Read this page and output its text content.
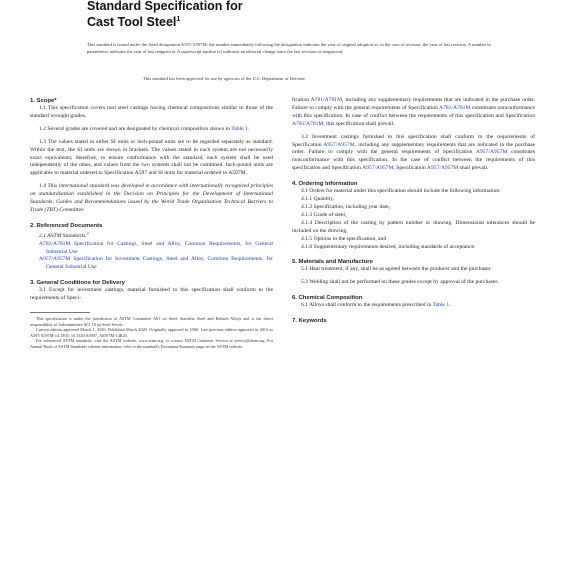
Standard Specification for
Cast Tool Steel$^1$
This standard is issued under the fixed designation A597/A597M; the number immediately following the designation indicates the year of original adoption or, in the case of revision, the year of last revision. A number in parentheses indicates the year of last reapproval. A superscript epsilon (ε) indicates an editorial change since the last revision or reapproval.
This standard has been approved for use by agencies of the U.S. Department of Defense.

1. Scope*

1.1 This specification covers tool steel castings having chemical compositions similar to those of the standard wrought grades.

1.2 Several grades are covered and are designated by chemical composition shown in Table 1.

1.3 The values stated in either SI units or inch-pound units are to be regarded separately as standard. Within the text, the SI units are shown in brackets. The values stated in each system are not necessarily exact equivalents; therefore, to ensure conformance with the standard, each system shall be used independently of the other, and values from the two systems shall not be combined. Inch-pound units are applicable to material ordered to Specification A597 and SI units for material ordered to A597M.

1.4 This international standard was developed in accordance with internationally recognized principles on standardization established in the Decision on Principles for the Development of International Standards, Guides and Recommendations issued by the World Trade Organization Technical Barriers to Trade (TBT) Committee.

2. Referenced Documents

2.1 ASTM Standards:$^2$

A781/A781M Specification for Castings, Steel and Alloy, Common Requirements, for General Industrial Use

A957/A957M Specification for Investment Castings, Steel and Alloy, Common Requirements, for General Industrial Use

3. General Conditions for Delivery

3.1 Except for investment castings, material furnished to this specification shall conform to the requirements of Speci-

This specification is under the jurisdiction of ASTM Committee A01 on Steel, Stainless Steel and Related Alloys and is the direct responsibility of Subcommittee A01.18 on Steel Jewels.

Current edition approved March 1, 2020. Published March 2020. Originally approved in 1968. Last previous edition approved in 2014 as A597/A597M-14. DOI: 10.1520/A0597_A0597M-14R20.

For referenced ASTM standards, visit the ASTM website, www.astm.org, or contact ASTM Customer Service at service@astm.org. For Annual Book of ASTM Standards volume information, refer to the standard's Document Summary page on the ASTM website.

fication A781/A781M, including any supplementary requirements that are indicated in the purchase order. Failure to comply with the general requirements of Specification A781/A781M constitutes nonconformance with this specification. In case of conflict between the requirements of this specification and Specification A781/A781M, this specification shall prevail.

3.2 Investment castings furnished to this specification shall conform to the requirements of Specification A957/A957M, including any supplementary requirements that are indicated in the purchase order. Failure to comply with the general requirements of Specification A957/A957M constitutes nonconformance with this specification. In the case of conflict between the requirements of this specification and Specification A957/A957M, Specification A957/A957M shall prevail.

4. Ordering Information

4.1 Orders for material under this specification should include the following information:

4.1.1 Quantity,

4.1.2 Specification, including year date,

4.1.3 Grade of steel,

4.1.4 Description of the casting by pattern number or drawing. Dimensional tolerances should be included on the drawing,

4.1.5 Options in the specification, and

4.1.6 Supplementary requirements desired, including standards of acceptance.

5. Materials and Manufacture

5.1 Heat treatment, if any, shall be as agreed between the producer and the purchaser.

5.2 Welding shall not be performed on these grades except by approval of the purchaser.

6. Chemical Composition

6.1 Alloys shall conform to the requirements prescribed in Table 1.

7. Keywords
